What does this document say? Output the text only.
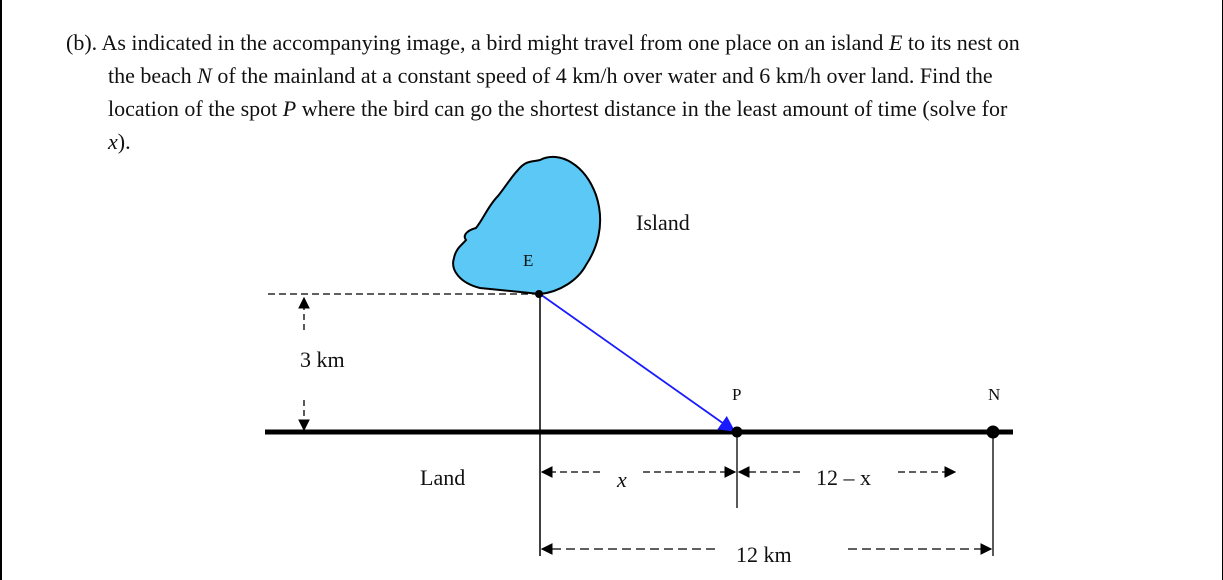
(b). As indicated in the accompanying image, a bird might travel from one place on an island E to its nest on
the beach N of the mainland at a constant speed of 4 km/h over water and 6 km/h over land. Find the
location of the spot P where the bird can go the shortest distance in the least amount of time (solve for
x).
Island
E
P	N
3 km
Land	x	12 – x
12 km
